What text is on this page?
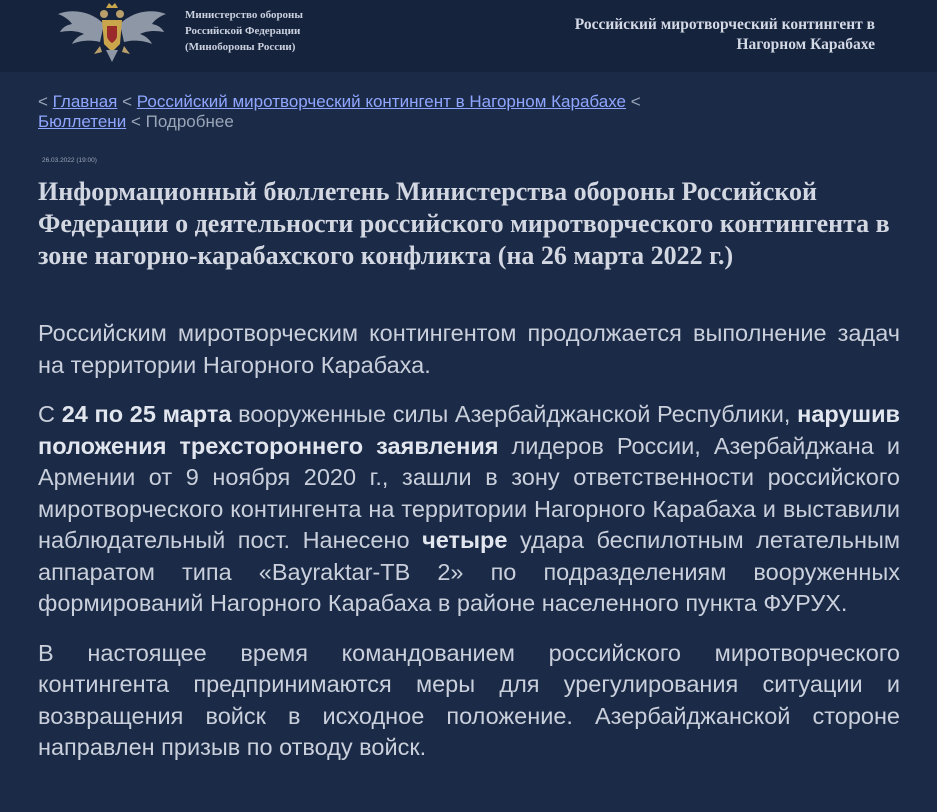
Министерство обороны
Российской Федерации
(Минобороны России)
Российский миротворческий контингент в
Нагорном Карабахе
< Главная < Российский миротворческий контингент в Нагорном Карабахе < Бюллетени < Подробнее
26.03.2022 (19:00)
Информационный бюллетень Министерства обороны Российской Федерации о деятельности российского миротворческого контингента в зоне нагорно-карабахского конфликта (на 26 марта 2022 г.)

Российским миротворческим контингентом продолжается выполнение задач на территории Нагорного Карабаха.

С 24 по 25 марта вооруженные силы Азербайджанской Республики, нарушив положения трехстороннего заявления лидеров России, Азербайджана и Армении от 9 ноября 2020 г., зашли в зону ответственности российского миротворческого контингента на территории Нагорного Карабаха и выставили наблюдательный пост. Нанесено четыре удара беспилотным летательным аппаратом типа «Bayraktar-TB 2» по подразделениям вооруженных формирований Нагорного Карабаха в районе населенного пункта ФУРУХ.

В настоящее время командованием российского миротворческого контингента предпринимаются меры для урегулирования ситуации и возвращения войск в исходное положение. Азербайджанской стороне направлен призыв по отводу войск.
